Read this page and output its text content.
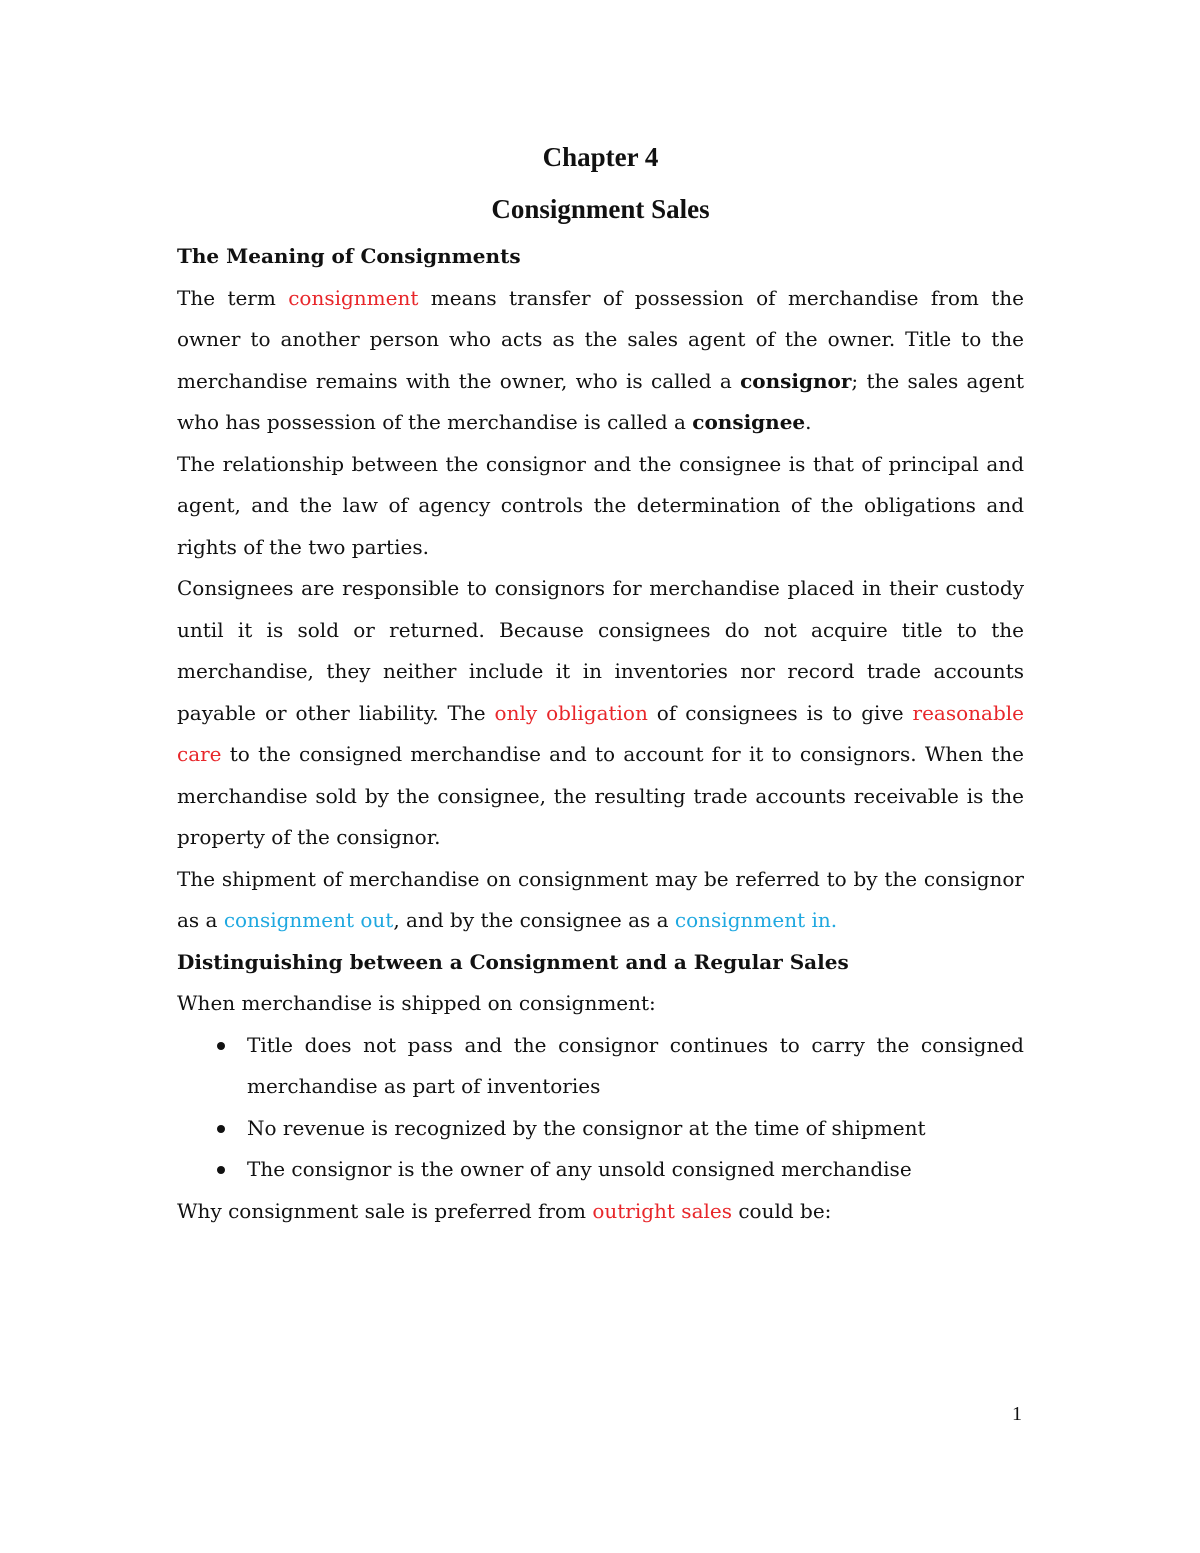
Chapter 4
Consignment Sales
The Meaning of Consignments

The term consignment means transfer of possession of merchandise from the owner to another person who acts as the sales agent of the owner. Title to the merchandise remains with the owner, who is called a consignor; the sales agent who has possession of the merchandise is called a consignee.

The relationship between the consignor and the consignee is that of principal and agent, and the law of agency controls the determination of the obligations and rights of the two parties.

Consignees are responsible to consignors for merchandise placed in their custody until it is sold or returned. Because consignees do not acquire title to the merchandise, they neither include it in inventories nor record trade accounts payable or other liability. The only obligation of consignees is to give reasonable care to the consigned merchandise and to account for it to consignors. When the merchandise sold by the consignee, the resulting trade accounts receivable is the property of the consignor.

The shipment of merchandise on consignment may be referred to by the consignor as a consignment out, and by the consignee as a consignment in.

Distinguishing between a Consignment and a Regular Sales

When merchandise is shipped on consignment:

Title does not pass and the consignor continues to carry the consigned merchandise as part of inventories
No revenue is recognized by the consignor at the time of shipment
The consignor is the owner of any unsold consigned merchandise

Why consignment sale is preferred from outright sales could be:

1
